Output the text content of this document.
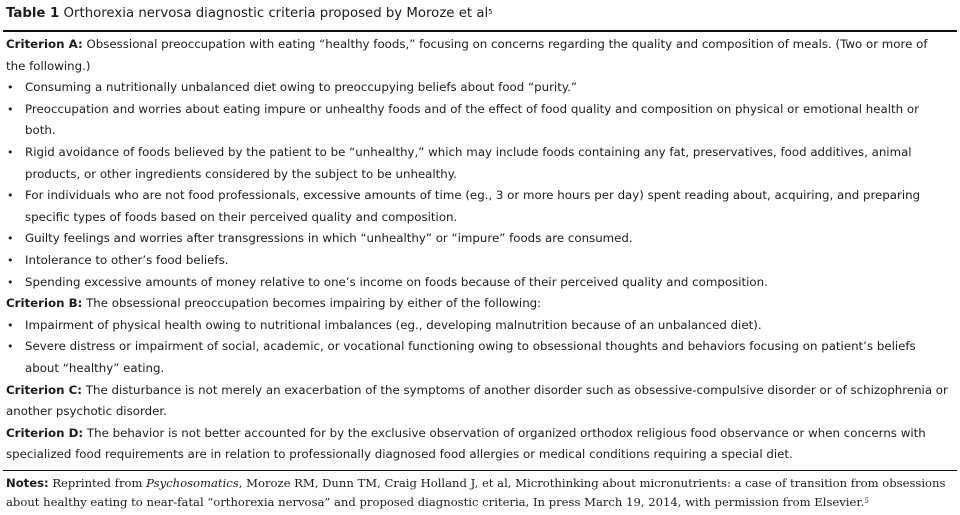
Table 1 Orthorexia nervosa diagnostic criteria proposed by Moroze et $al^5$
Criterion A: Obsessional preoccupation with eating “healthy foods,” focusing on concerns regarding the quality and composition of meals. (Two or more of the following.)
• Consuming a nutritionally unbalanced diet owing to preoccupying beliefs about food “purity.”
• Preoccupation and worries about eating impure or unhealthy foods and of the effect of food quality and composition on physical or emotional health or both.
• Rigid avoidance of foods believed by the patient to be “unhealthy,” which may include foods containing any fat, preservatives, food additives, animal products, or other ingredients considered by the subject to be unhealthy.
• For individuals who are not food professionals, excessive amounts of time (eg., 3 or more hours per day) spent reading about, acquiring, and preparing specific types of foods based on their perceived quality and composition.
• Guilty feelings and worries after transgressions in which “unhealthy” or “impure” foods are consumed.
• Intolerance to other’s food beliefs.
• Spending excessive amounts of money relative to one’s income on foods because of their perceived quality and composition.
Criterion B: The obsessional preoccupation becomes impairing by either of the following:
• Impairment of physical health owing to nutritional imbalances (eg., developing malnutrition because of an unbalanced diet).
• Severe distress or impairment of social, academic, or vocational functioning owing to obsessional thoughts and behaviors focusing on patient’s beliefs about “healthy” eating.
Criterion C: The disturbance is not merely an exacerbation of the symptoms of another disorder such as obsessive-compulsive disorder or of schizophrenia or another psychotic disorder.
Criterion D: The behavior is not better accounted for by the exclusive observation of organized orthodox religious food observance or when concerns with specialized food requirements are in relation to professionally diagnosed food allergies or medical conditions requiring a special diet.
Notes: Reprinted from Psychosomatics, Moroze RM, Dunn TM, Craig Holland J, et al, Microthinking about micronutrients: a case of transition from obsessions about healthy eating to near-fatal “orthorexia nervosa” and proposed diagnostic criteria, In press March 19, 2014, with permission from Elsevier.$^5$
